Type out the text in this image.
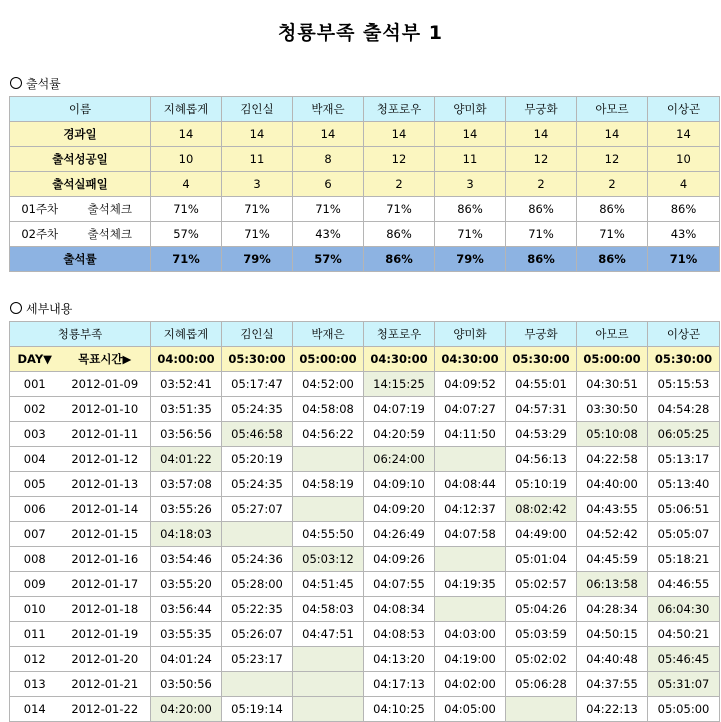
청룡부족 출석부 1
출석률
이름		지혜롭게	김인실	박재은	청포로우	양미화	무궁화	아모르	이상곤
경과일		14	14	14	14	14	14	14	14
출석성공일		10	11	8	12	11	12	12	10
출석실패일		4	3	6	2	3	2	2	4
01주차	출석체크	71%	71%	71%	71%	86%	86%	86%	86%
02주차	출석체크	57%	71%	43%	86%	71%	71%	71%	43%
출석률		71%	79%	57%	86%	79%	86%	86%	71%
세부내용
청룡부족		지혜롭게	김인실	박재은	청포로우	양미화	무궁화	아모르	이상곤
DAY▼	목표시간▶	04:00:00	05:30:00	05:00:00	04:30:00	04:30:00	05:30:00	05:00:00	05:30:00
001	2012-01-09	03:52:41	05:17:47	04:52:00	14:15:25	04:09:52	04:55:01	04:30:51	05:15:53
002	2012-01-10	03:51:35	05:24:35	04:58:08	04:07:19	04:07:27	04:57:31	03:30:50	04:54:28
003	2012-01-11	03:56:56	05:46:58	04:56:22	04:20:59	04:11:50	04:53:29	05:10:08	06:05:25
004	2012-01-12	04:01:22	05:20:19		06:24:00		04:56:13	04:22:58	05:13:17
005	2012-01-13	03:57:08	05:24:35	04:58:19	04:09:10	04:08:44	05:10:19	04:40:00	05:13:40
006	2012-01-14	03:55:26	05:27:07		04:09:20	04:12:37	08:02:42	04:43:55	05:06:51
007	2012-01-15	04:18:03		04:55:50	04:26:49	04:07:58	04:49:00	04:52:42	05:05:07
008	2012-01-16	03:54:46	05:24:36	05:03:12	04:09:26		05:01:04	04:45:59	05:18:21
009	2012-01-17	03:55:20	05:28:00	04:51:45	04:07:55	04:19:35	05:02:57	06:13:58	04:46:55
010	2012-01-18	03:56:44	05:22:35	04:58:03	04:08:34		05:04:26	04:28:34	06:04:30
011	2012-01-19	03:55:35	05:26:07	04:47:51	04:08:53	04:03:00	05:03:59	04:50:15	04:50:21
012	2012-01-20	04:01:24	05:23:17		04:13:20	04:19:00	05:02:02	04:40:48	05:46:45
013	2012-01-21	03:50:56			04:17:13	04:02:00	05:06:28	04:37:55	05:31:07
014	2012-01-22	04:20:00	05:19:14		04:10:25	04:05:00		04:22:13	05:05:00
